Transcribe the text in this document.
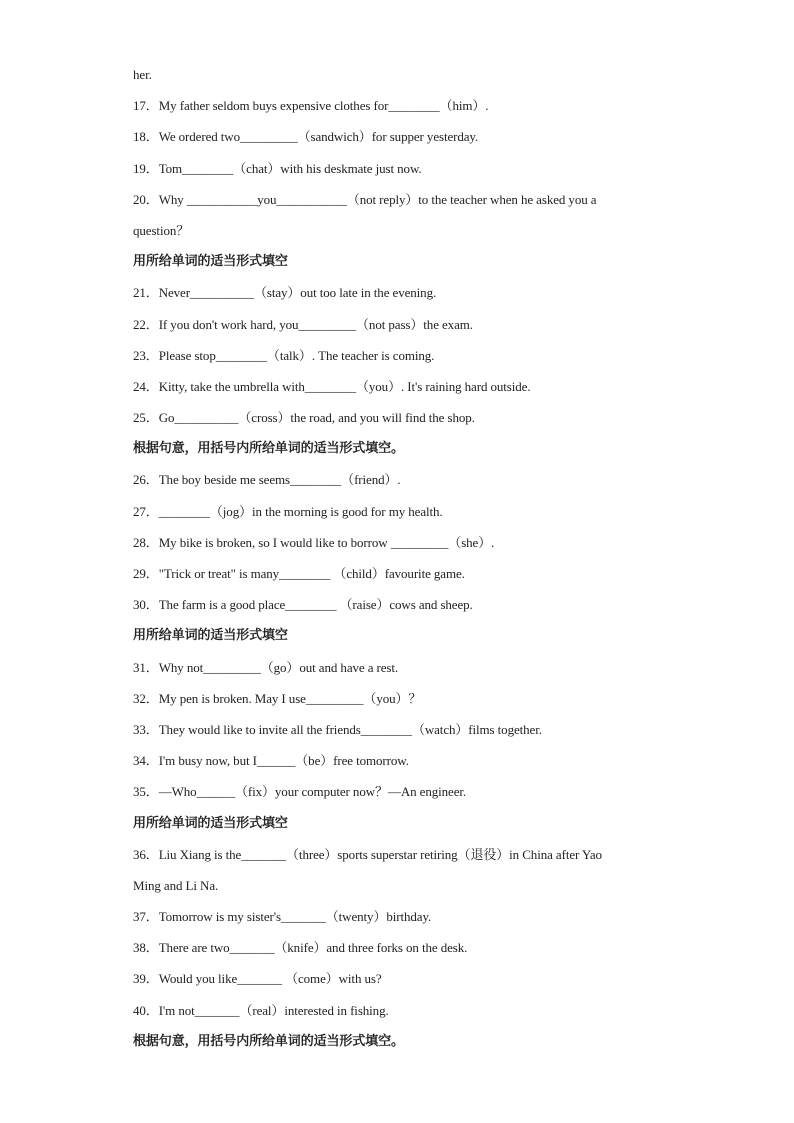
her.
17．My father seldom buys expensive clothes for________（him）.
18．We ordered two_________（sandwich）for supper yesterday.
19．Tom________（chat）with his deskmate just now.
20．Why ___________you___________（not reply）to the teacher when he asked you a
question？
用所给单词的适当形式填空
21．Never__________（stay）out too late in the evening.
22．If you don't work hard, you_________（not pass）the exam.
23．Please stop________（talk）. The teacher is coming.
24．Kitty, take the umbrella with________（you）. It's raining hard outside.
25．Go__________（cross）the road, and you will find the shop.
根据句意，用括号内所给单词的适当形式填空。
26．The boy beside me seems________（friend）.
27．________（jog）in the morning is good for my health.
28．My bike is broken, so I would like to borrow _________（she）.
29．"Trick or treat" is many________ （child）favourite game.
30．The farm is a good place________ （raise）cows and sheep.
用所给单词的适当形式填空
31．Why not_________（go）out and have a rest.
32．My pen is broken. May I use_________（you）？
33．They would like to invite all the friends________（watch）films together.
34．I'm busy now, but I______（be）free tomorrow.
35．—Who______（fix）your computer now？—An engineer.
用所给单词的适当形式填空
36．Liu Xiang is the_______（three）sports superstar retiring（退役）in China after Yao
Ming and Li Na.
37．Tomorrow is my sister's_______（twenty）birthday.
38．There are two_______（knife）and three forks on the desk.
39．Would you like_______ （come）with us?
40．I'm not_______（real）interested in fishing.
根据句意，用括号内所给单词的适当形式填空。
